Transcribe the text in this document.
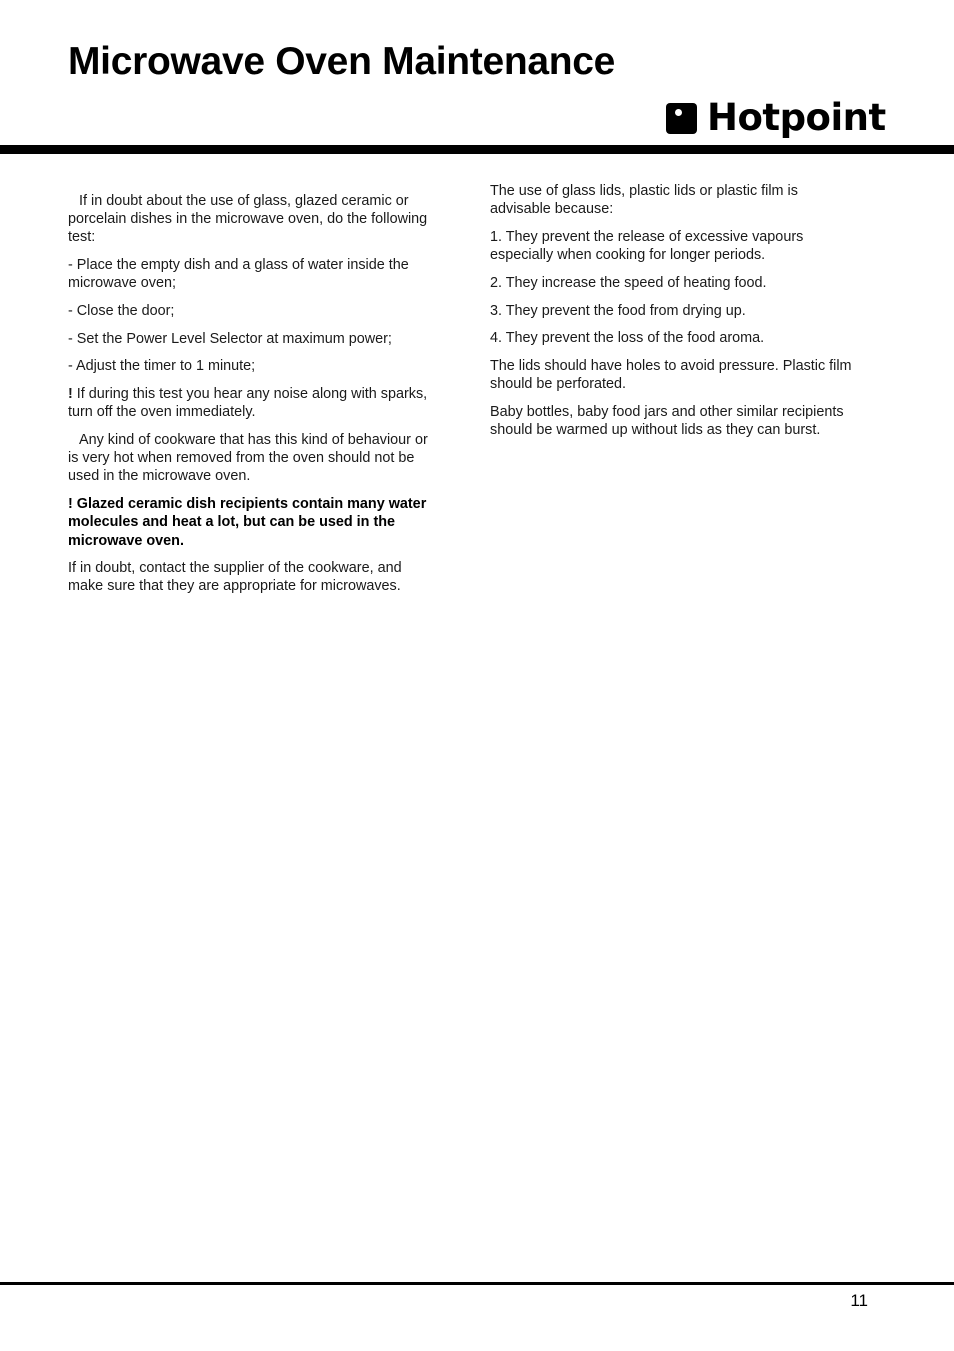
Microwave Oven Maintenance
Hotpoint

If in doubt about the use of glass, glazed ceramic or porcelain dishes in the microwave oven, do the following test:

- Place the empty dish and a glass of water inside the microwave oven;

- Close the door;

- Set the Power Level Selector at maximum power;

- Adjust the timer to 1 minute;

! If during this test you hear any noise along with sparks, turn off the oven immediately.

Any kind of cookware that has this kind of behaviour or is very hot when removed from the oven should not be used in the microwave oven.

! Glazed ceramic dish recipients contain many water molecules and heat a lot, but can be used in the microwave oven.

If in doubt, contact the supplier of the cookware, and make sure that they are appropriate for microwaves.

The use of glass lids, plastic lids or plastic film is advisable because:

1. They prevent the release of excessive vapours especially when cooking for longer periods.

2. They increase the speed of heating food.

3. They prevent the food from drying up.

4. They prevent the loss of the food aroma.

The lids should have holes to avoid pressure. Plastic film should be perforated.

Baby bottles, baby food jars and other similar recipients should be warmed up without lids as they can burst.

11
